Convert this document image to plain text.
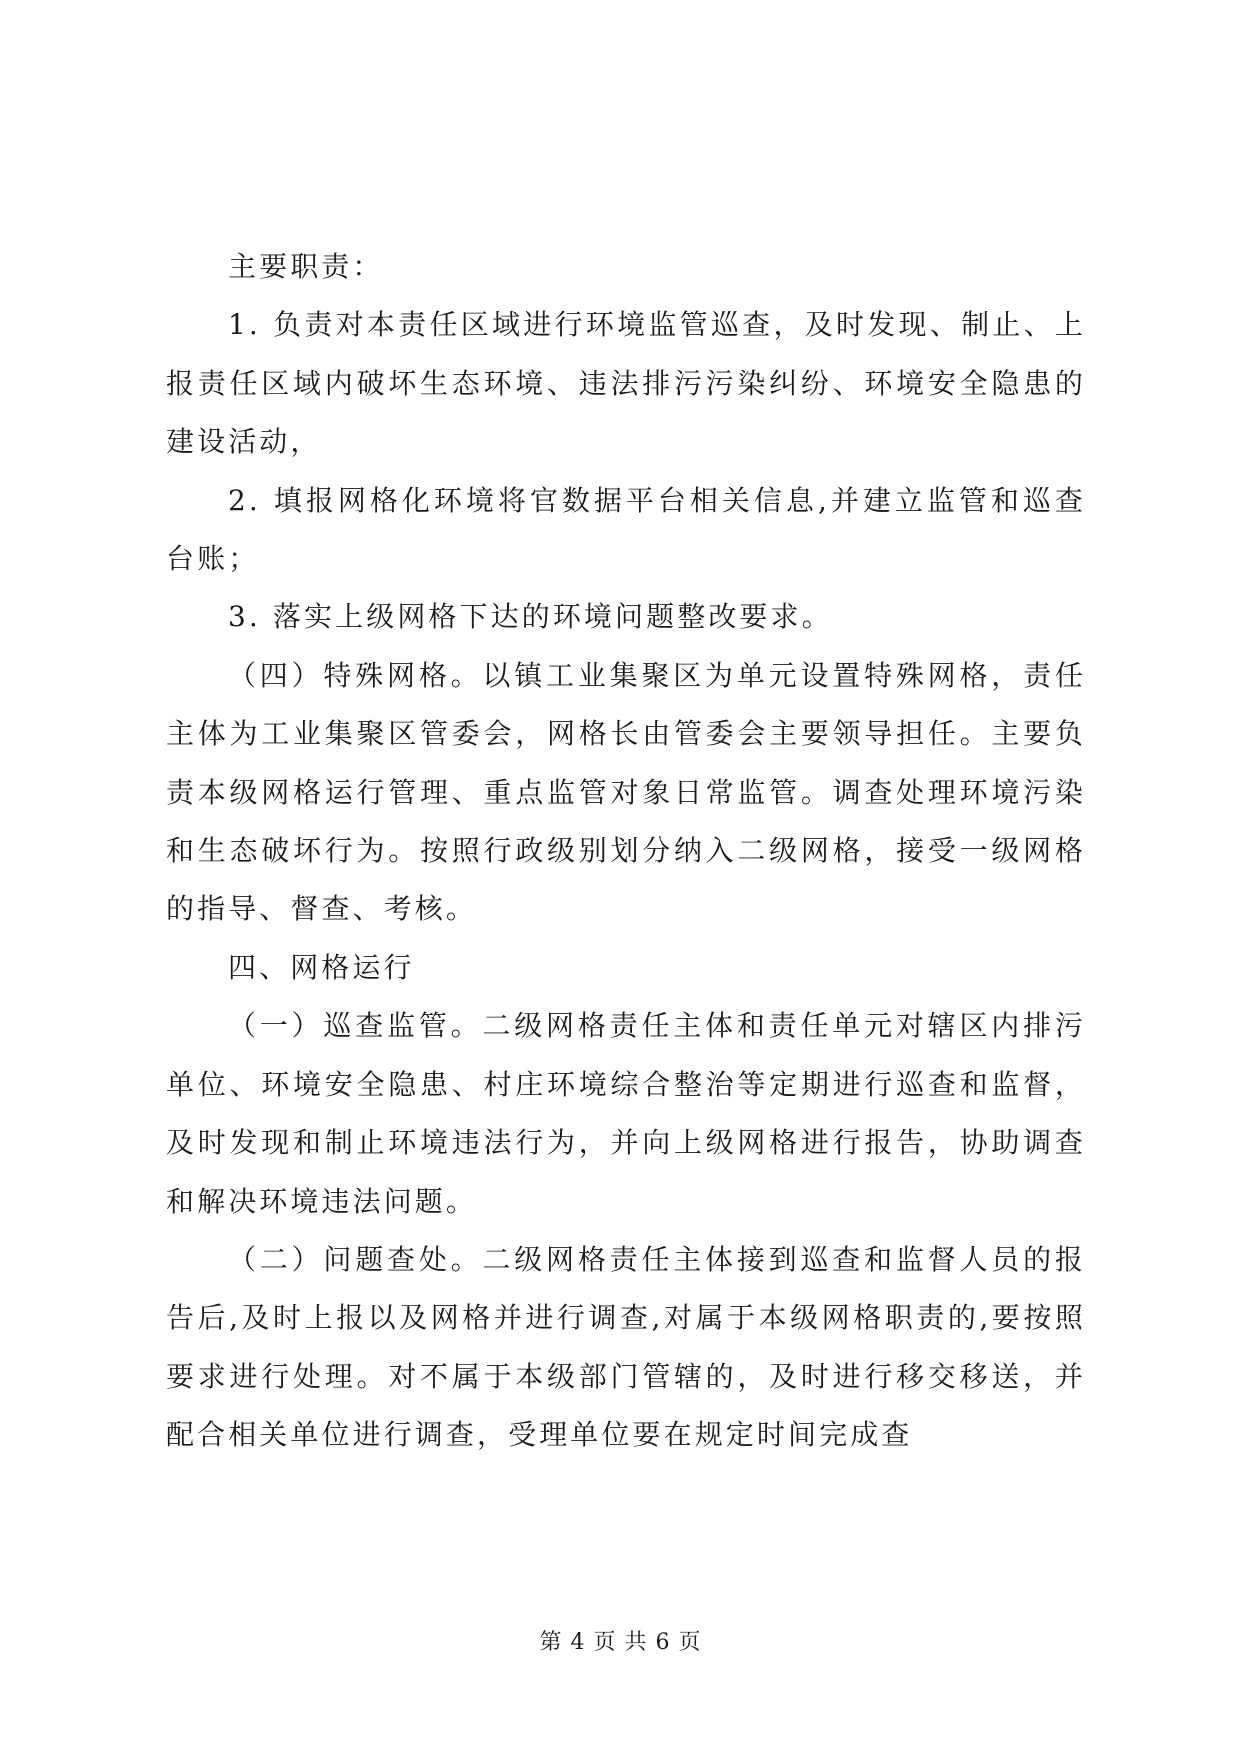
主要职责：

1. 负责对本责任区域进行环境监管巡查，及时发现、制止、上报责任区域内破坏生态环境、违法排污污染纠纷、环境安全隐患的建设活动，

2. 填报网格化环境将官数据平台相关信息,并建立监管和巡查台账；

3. 落实上级网格下达的环境问题整改要求。

（四）特殊网格。以镇工业集聚区为单元设置特殊网格，责任主体为工业集聚区管委会，网格长由管委会主要领导担任。主要负责本级网格运行管理、重点监管对象日常监管。调查处理环境污染和生态破坏行为。按照行政级别划分纳入二级网格，接受一级网格的指导、督查、考核。

四、网格运行

（一）巡查监管。二级网格责任主体和责任单元对辖区内排污单位、环境安全隐患、村庄环境综合整治等定期进行巡查和监督，及时发现和制止环境违法行为，并向上级网格进行报告，协助调查和解决环境违法问题。

（二）问题查处。二级网格责任主体接到巡查和监督人员的报告后,及时上报以及网格并进行调查,对属于本级网格职责的,要按照要求进行处理。对不属于本级部门管辖的，及时进行移交移送，并配合相关单位进行调查，受理单位要在规定时间完成查

第 4 页 共 6 页
